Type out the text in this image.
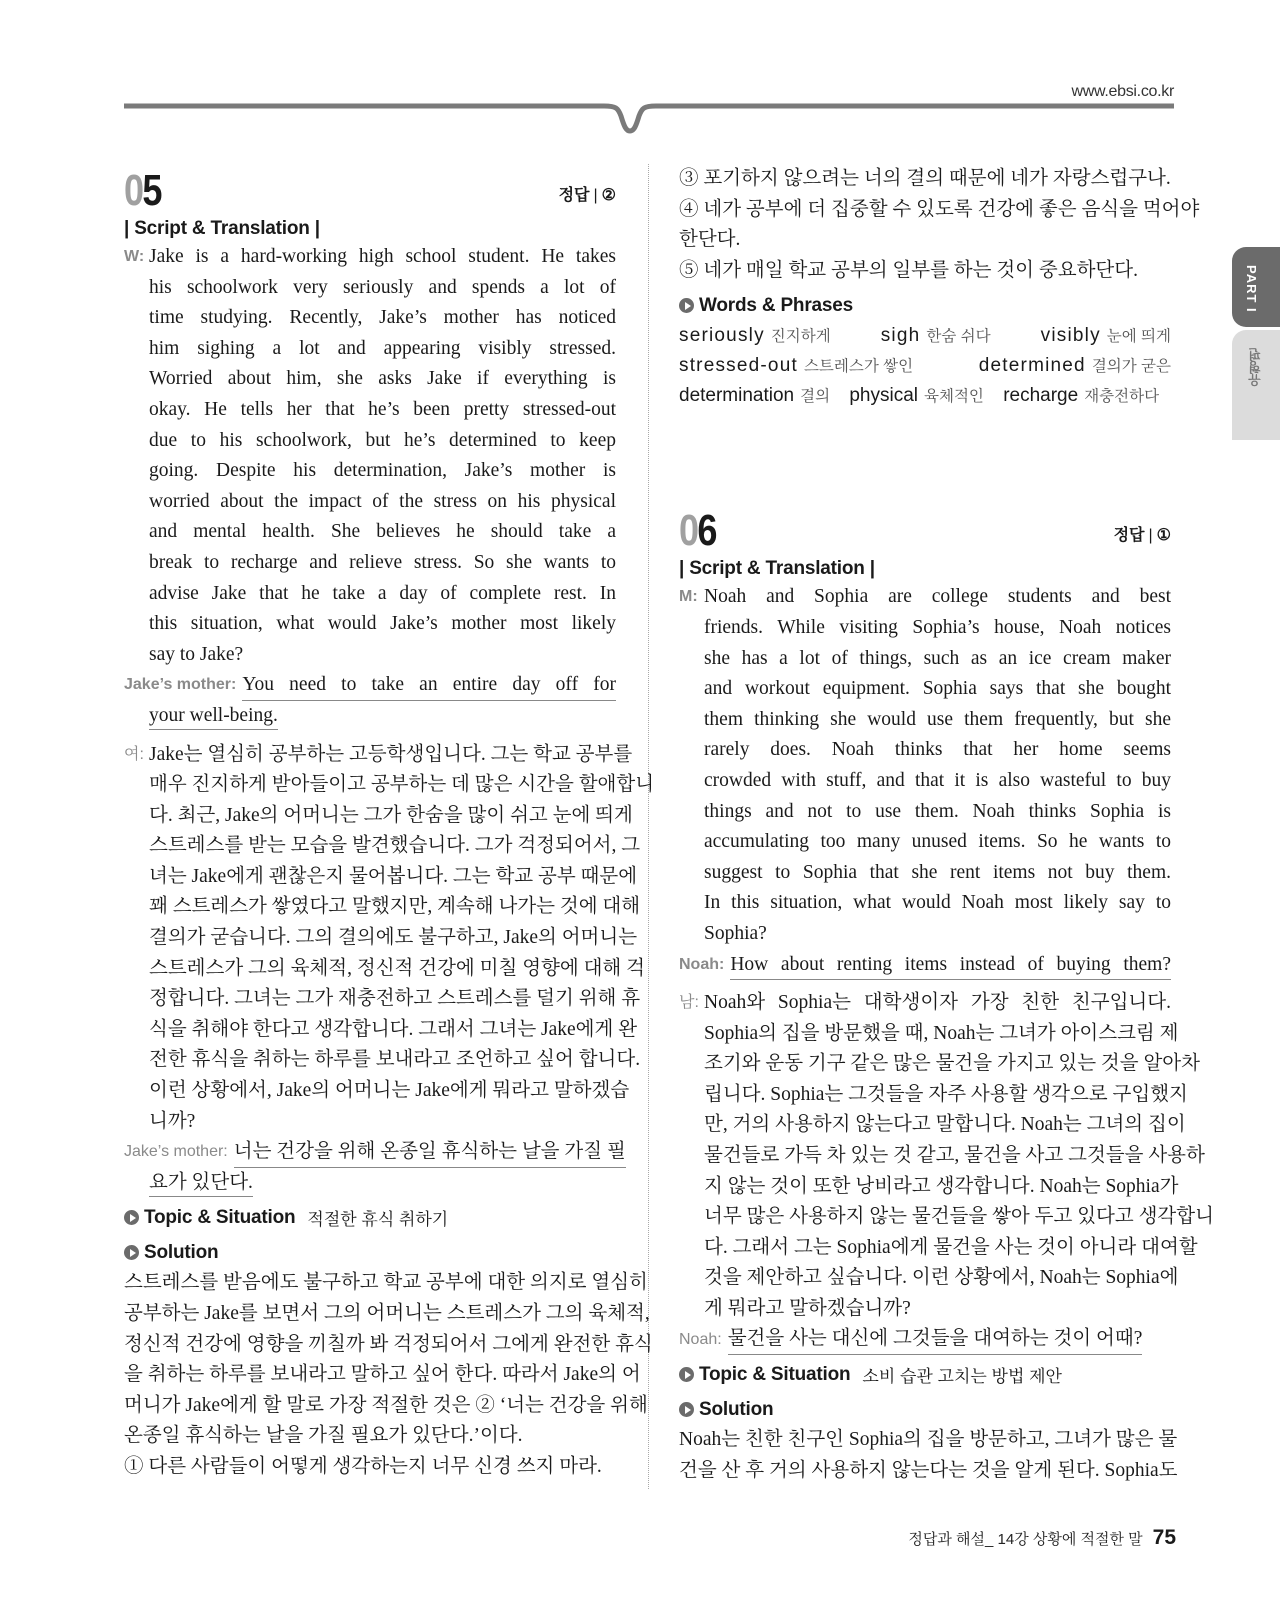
www.ebsi.co.kr
PART I
유형편
05	정답 | ②
| Script & Translation |
W: Jake is a hard-working high school student. He takes
his schoolwork very seriously and spends a lot of
time studying. Recently, Jake’s mother has noticed
him sighing a lot and appearing visibly stressed.
Worried about him, she asks Jake if everything is
okay. He tells her that he’s been pretty stressed-out
due to his schoolwork, but he’s determined to keep
going. Despite his determination, Jake’s mother is
worried about the impact of the stress on his physical
and mental health. She believes he should take a
break to recharge and relieve stress. So she wants to
advise Jake that he take a day of complete rest. In
this situation, what would Jake’s mother most likely
say to Jake?
Jake’s mother: You need to take an entire day off for
your well-being.
여: Jake는 열심히 공부하는 고등학생입니다. 그는 학교 공부를
매우 진지하게 받아들이고 공부하는 데 많은 시간을 할애합니
다. 최근, Jake의 어머니는 그가 한숨을 많이 쉬고 눈에 띄게
스트레스를 받는 모습을 발견했습니다. 그가 걱정되어서, 그
녀는 Jake에게 괜찮은지 물어봅니다. 그는 학교 공부 때문에
꽤 스트레스가 쌓였다고 말했지만, 계속해 나가는 것에 대해
결의가 굳습니다. 그의 결의에도 불구하고, Jake의 어머니는
스트레스가 그의 육체적, 정신적 건강에 미칠 영향에 대해 걱
정합니다. 그녀는 그가 재충전하고 스트레스를 덜기 위해 휴
식을 취해야 한다고 생각합니다. 그래서 그녀는 Jake에게 완
전한 휴식을 취하는 하루를 보내라고 조언하고 싶어 합니다.
이런 상황에서, Jake의 어머니는 Jake에게 뭐라고 말하겠습
니까?
Jake’s mother: 너는 건강을 위해 온종일 휴식하는 날을 가질 필
요가 있단다.
Topic & Situation 적절한 휴식 취하기
Solution
스트레스를 받음에도 불구하고 학교 공부에 대한 의지로 열심히
공부하는 Jake를 보면서 그의 어머니는 스트레스가 그의 육체적,
정신적 건강에 영향을 끼칠까 봐 걱정되어서 그에게 완전한 휴식
을 취하는 하루를 보내라고 말하고 싶어 한다. 따라서 Jake의 어
머니가 Jake에게 할 말로 가장 적절한 것은 ② ‘너는 건강을 위해
온종일 휴식하는 날을 가질 필요가 있단다.’이다.
① 다른 사람들이 어떻게 생각하는지 너무 신경 쓰지 마라.
③ 포기하지 않으려는 너의 결의 때문에 네가 자랑스럽구나.
④ 네가 공부에 더 집중할 수 있도록 건강에 좋은 음식을 먹어야
한단다.
⑤ 네가 매일 학교 공부의 일부를 하는 것이 중요하단다.
Words & Phrases
seriously 진지하게	sigh 한숨 쉬다	visibly 눈에 띄게
stressed-out 스트레스가 쌓인	determined 결의가 굳은
determination 결의 physical 육체적인 recharge 재충전하다
06	정답 | ①
| Script & Translation |
M: Noah and Sophia are college students and best
friends. While visiting Sophia’s house, Noah notices
she has a lot of things, such as an ice cream maker
and workout equipment. Sophia says that she bought
them thinking she would use them frequently, but she
rarely does. Noah thinks that her home seems
crowded with stuff, and that it is also wasteful to buy
things and not to use them. Noah thinks Sophia is
accumulating too many unused items. So he wants to
suggest to Sophia that she rent items not buy them.
In this situation, what would Noah most likely say to
Sophia?
Noah: How about renting items instead of buying them?
남: Noah와 Sophia는 대학생이자 가장 친한 친구입니다.
Sophia의 집을 방문했을 때, Noah는 그녀가 아이스크림 제
조기와 운동 기구 같은 많은 물건을 가지고 있는 것을 알아차
립니다. Sophia는 그것들을 자주 사용할 생각으로 구입했지
만, 거의 사용하지 않는다고 말합니다. Noah는 그녀의 집이
물건들로 가득 차 있는 것 같고, 물건을 사고 그것들을 사용하
지 않는 것이 또한 낭비라고 생각합니다. Noah는 Sophia가
너무 많은 사용하지 않는 물건들을 쌓아 두고 있다고 생각합니
다. 그래서 그는 Sophia에게 물건을 사는 것이 아니라 대여할
것을 제안하고 싶습니다. 이런 상황에서, Noah는 Sophia에
게 뭐라고 말하겠습니까?
Noah: 물건을 사는 대신에 그것들을 대여하는 것이 어때?
Topic & Situation 소비 습관 고치는 방법 제안
Solution
Noah는 친한 친구인 Sophia의 집을 방문하고, 그녀가 많은 물
건을 산 후 거의 사용하지 않는다는 것을 알게 된다. Sophia도
정답과 해설_ 14강 상황에 적절한 말 75
